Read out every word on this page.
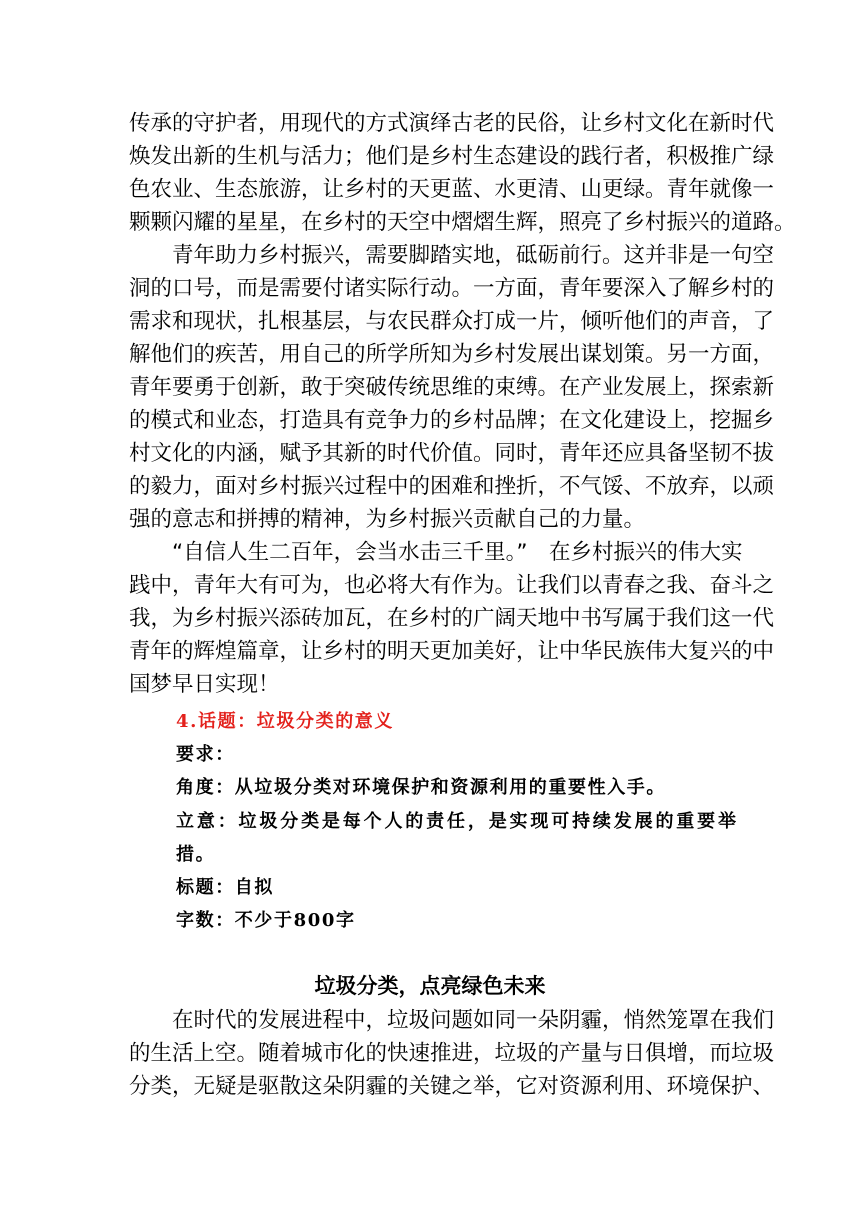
传承的守护者，用现代的方式演绎古老的民俗，让乡村文化在新时代
焕发出新的生机与活力；他们是乡村生态建设的践行者，积极推广绿
色农业、生态旅游，让乡村的天更蓝、水更清、山更绿。青年就像一
颗颗闪耀的星星，在乡村的天空中熠熠生辉，照亮了乡村振兴的道路。
青年助力乡村振兴，需要脚踏实地，砥砺前行。这并非是一句空
洞的口号，而是需要付诸实际行动。一方面，青年要深入了解乡村的
需求和现状，扎根基层，与农民群众打成一片，倾听他们的声音，了
解他们的疾苦，用自己的所学所知为乡村发展出谋划策。另一方面，
青年要勇于创新，敢于突破传统思维的束缚。在产业发展上，探索新
的模式和业态，打造具有竞争力的乡村品牌；在文化建设上，挖掘乡
村文化的内涵，赋予其新的时代价值。同时，青年还应具备坚韧不拔
的毅力，面对乡村振兴过程中的困难和挫折，不气馁、不放弃，以顽
强的意志和拼搏的精神，为乡村振兴贡献自己的力量。
“自信人生二百年，会当水击三千里。”　在乡村振兴的伟大实
践中，青年大有可为，也必将大有作为。让我们以青春之我、奋斗之
我，为乡村振兴添砖加瓦，在乡村的广阔天地中书写属于我们这一代
青年的辉煌篇章，让乡村的明天更加美好，让中华民族伟大复兴的中
国梦早日实现！
4.话题：垃圾分类的意义
要求：
角度：从垃圾分类对环境保护和资源利用的重要性入手。
立意：垃圾分类是每个人的责任，是实现可持续发展的重要举
措。
标题：自拟
字数：不少于800字
垃圾分类，点亮绿色未来
在时代的发展进程中，垃圾问题如同一朵阴霾，悄然笼罩在我们
的生活上空。随着城市化的快速推进，垃圾的产量与日俱增，而垃圾
分类，无疑是驱散这朵阴霾的关键之举，它对资源利用、环境保护、
